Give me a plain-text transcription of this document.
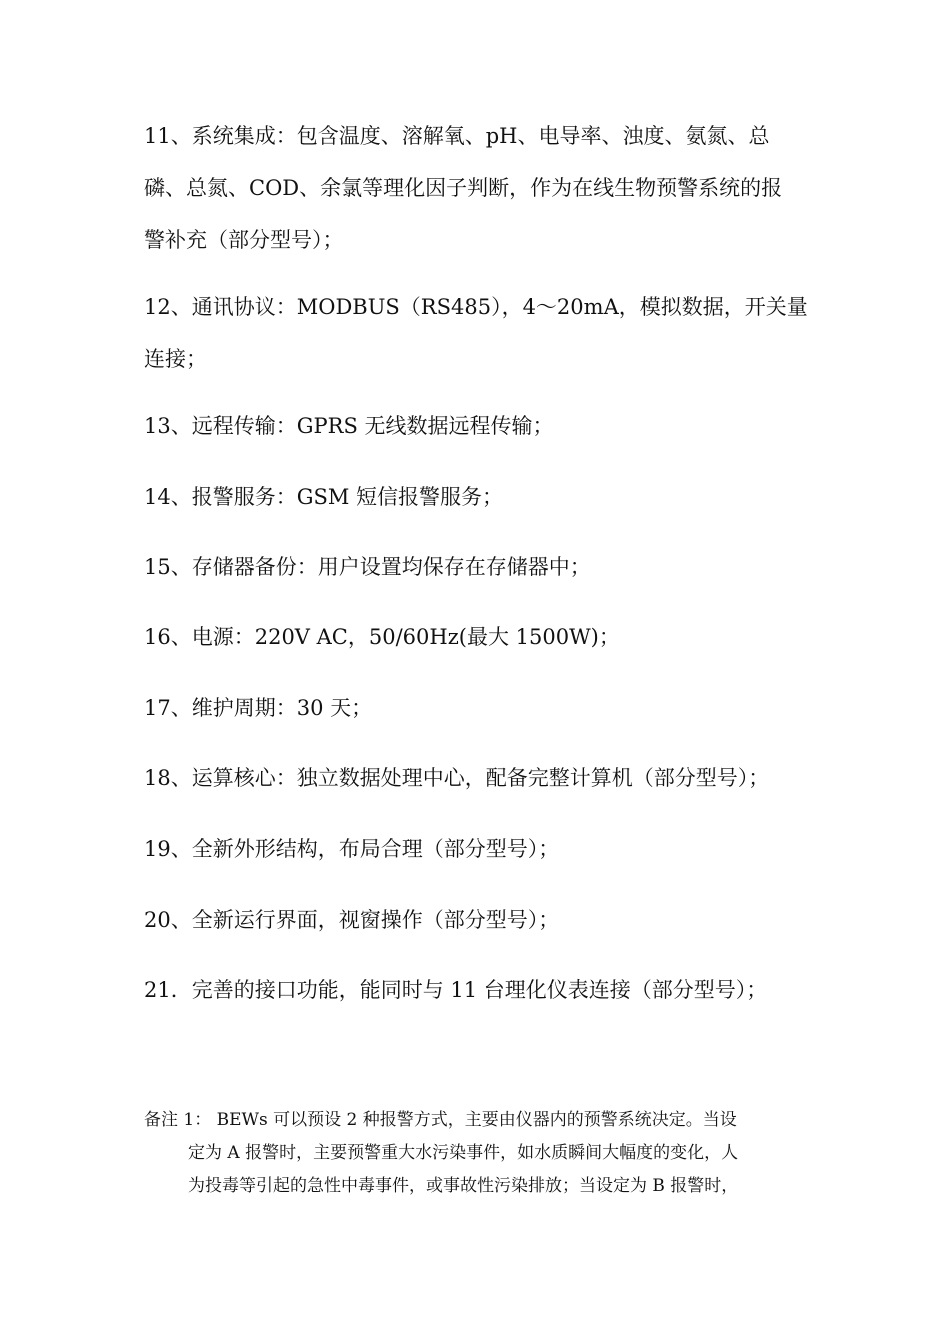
11、系统集成：包含温度、溶解氧、pH、电导率、浊度、氨氮、总
磷、总氮、COD、余氯等理化因子判断，作为在线生物预警系统的报
警补充（部分型号）；
12、通讯协议：MODBUS（RS485），4～20mA，模拟数据，开关量
连接；
13、远程传输：GPRS 无线数据远程传输；
14、报警服务：GSM 短信报警服务；
15、存储器备份：用户设置均保存在存储器中；
16、电源：220V AC，50/60Hz(最大 1500W)；
17、维护周期：30 天；
18、运算核心：独立数据处理中心，配备完整计算机（部分型号）；
19、全新外形结构，布局合理（部分型号）；
20、全新运行界面，视窗操作（部分型号）；
21．完善的接口功能，能同时与 11 台理化仪表连接（部分型号）；
备注 1： BEWs 可以预设 2 种报警方式，主要由仪器内的预警系统决定。当设
定为 A 报警时，主要预警重大水污染事件，如水质瞬间大幅度的变化，人
为投毒等引起的急性中毒事件，或事故性污染排放；当设定为 B 报警时，
